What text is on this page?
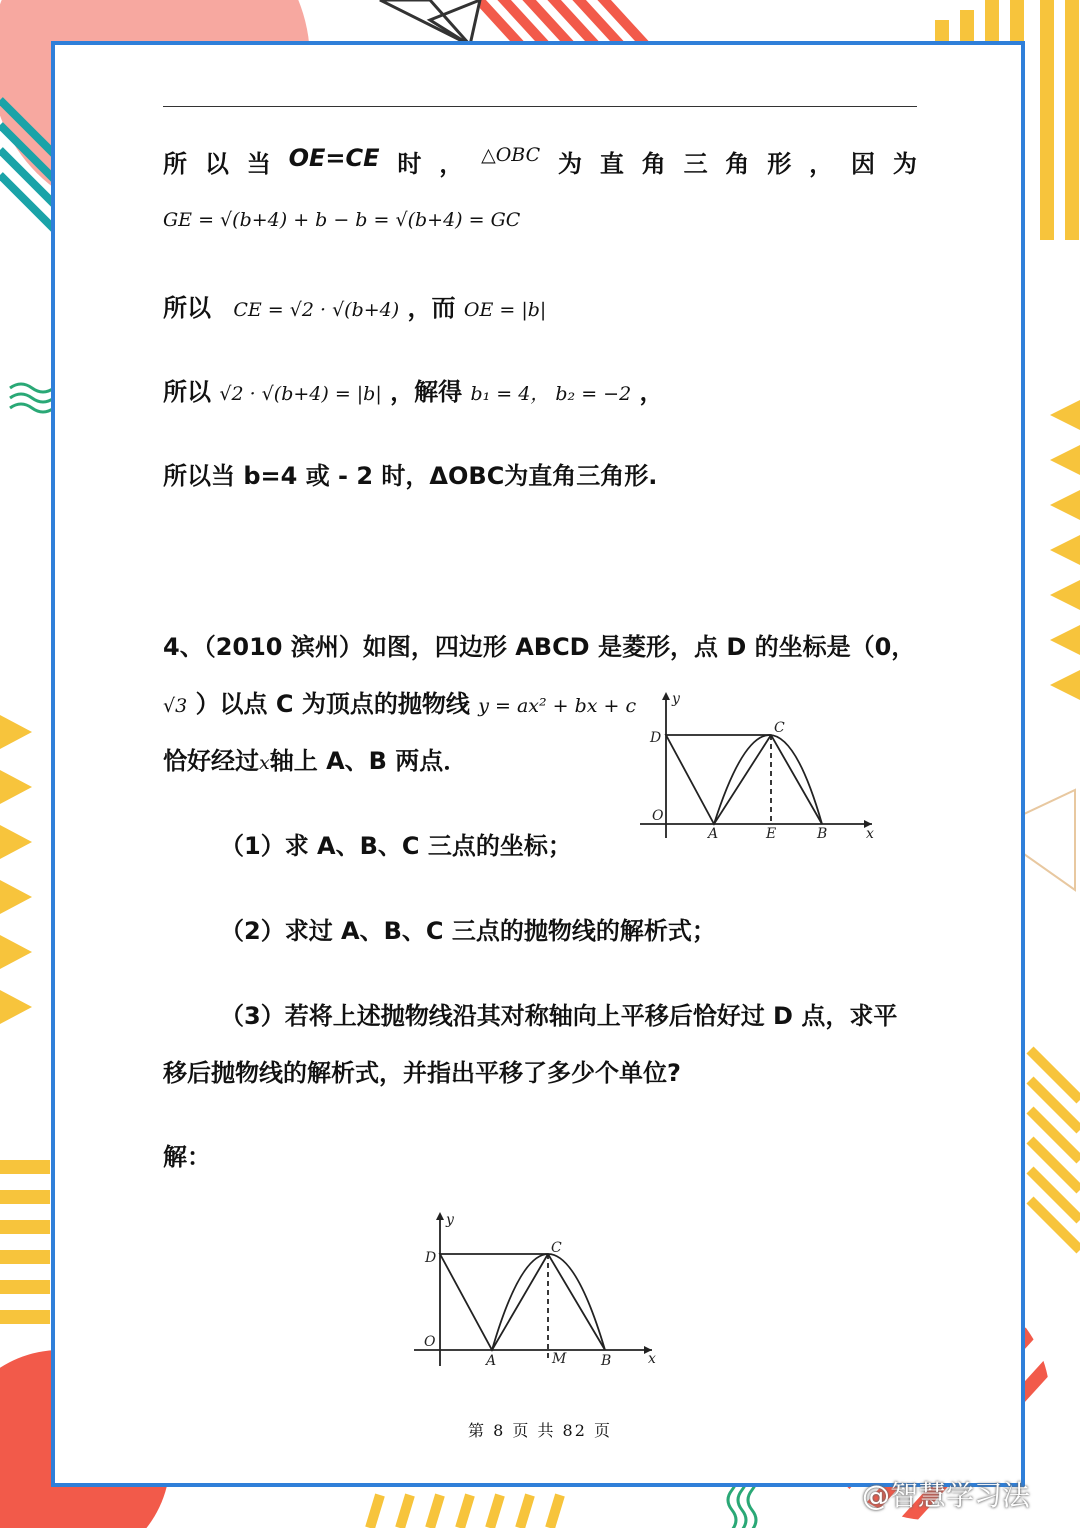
所 以 当 OE=CE 时 ， △OBC 为 直 角 三 角 形 ， 因 为
GE = √(b+4) + b − b = √(b+4) = GC
所以 CE = √2 · √(b+4) ，而 OE = |b|
所以 √2 · √(b+4) = |b| ，解得 b₁ = 4， b₂ = −2 ，
所以当 b=4 或 - 2 时，ΔOBC为直角三角形.
4、（2010 滨州）如图，四边形 ABCD 是菱形，点 D 的坐标是（0，
√3 ）以点 C 为顶点的抛物线 y = ax² + bx + c
恰好经过x轴上 A、B 两点．
（1）求 A、B、C 三点的坐标；
（2）求过 A、B、C 三点的抛物线的解析式；
（3）若将上述抛物线沿其对称轴向上平移后恰好过 D 点，求平
移后抛物线的解析式，并指出平移了多少个单位?
解：
y
D
C
O
A	E	B	x
y
D
C
O
A	M B	x
第 8 页 共 82 页
@智慧学习法
